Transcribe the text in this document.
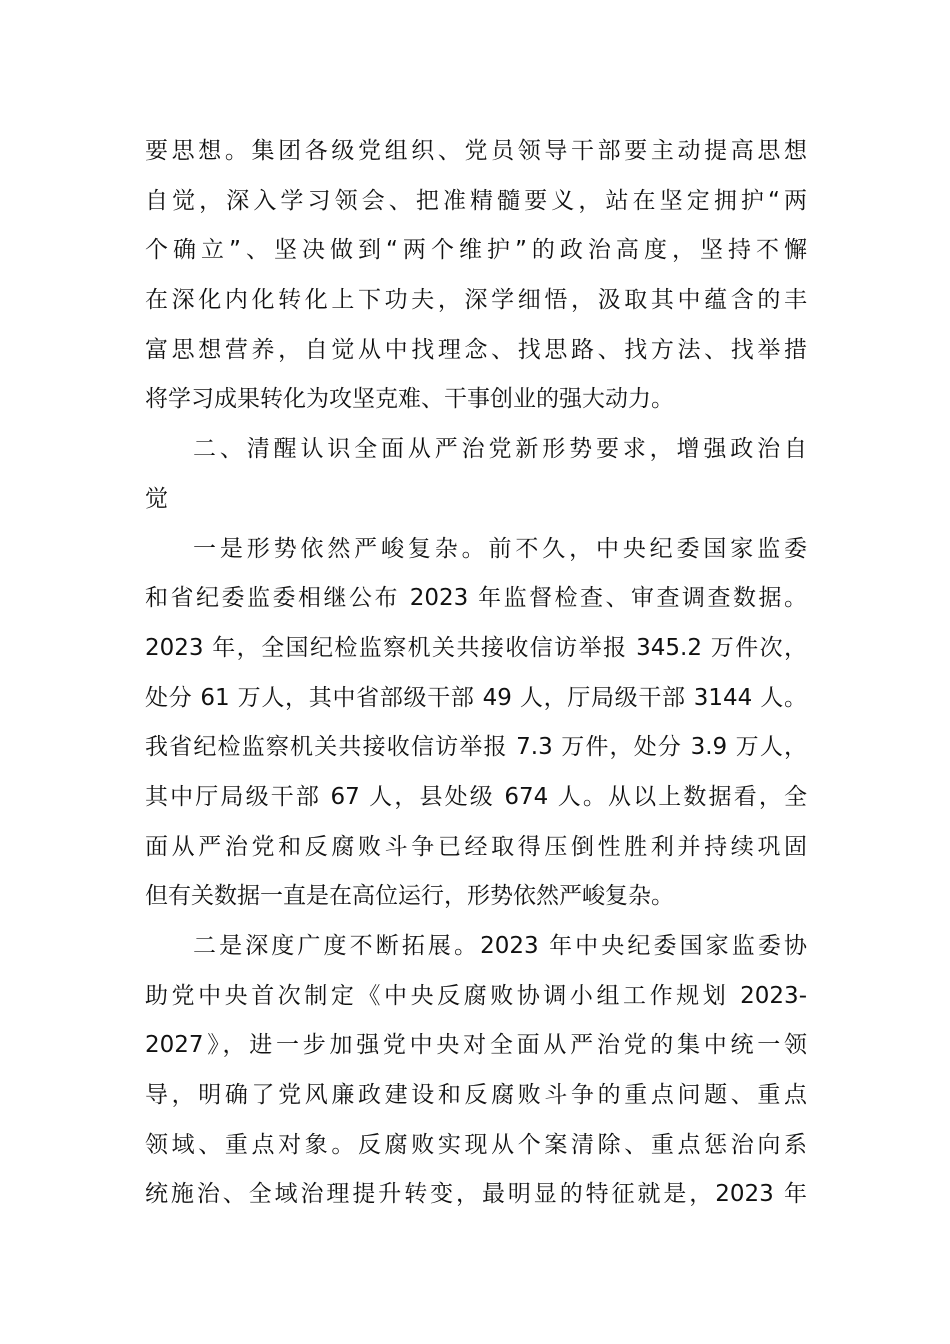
要思想。集团各级党组织、党员领导干部要主动提高思想
自觉，深入学习领会、把准精髓要义，站在坚定拥护“两
个确立”、坚决做到“两个维护”的政治高度，坚持不懈
在深化内化转化上下功夫，深学细悟，汲取其中蕴含的丰
富思想营养，自觉从中找理念、找思路、找方法、找举措
将学习成果转化为攻坚克难、干事创业的强大动力。
二、清醒认识全面从严治党新形势要求，增强政治自
觉
一是形势依然严峻复杂。前不久，中央纪委国家监委
和省纪委监委相继公布 2023 年监督检查、审查调查数据。
2023 年，全国纪检监察机关共接收信访举报 345.2 万件次，
处分 61 万人，其中省部级干部 49 人，厅局级干部 3144 人。
我省纪检监察机关共接收信访举报 7.3 万件，处分 3.9 万人，
其中厅局级干部 67 人，县处级 674 人。从以上数据看，全
面从严治党和反腐败斗争已经取得压倒性胜利并持续巩固
但有关数据一直是在高位运行，形势依然严峻复杂。
二是深度广度不断拓展。2023 年中央纪委国家监委协
助党中央首次制定《中央反腐败协调小组工作规划 2023-
2027》，进一步加强党中央对全面从严治党的集中统一领
导，明确了党风廉政建设和反腐败斗争的重点问题、重点
领域、重点对象。反腐败实现从个案清除、重点惩治向系
统施治、全域治理提升转变，最明显的特征就是，2023 年
